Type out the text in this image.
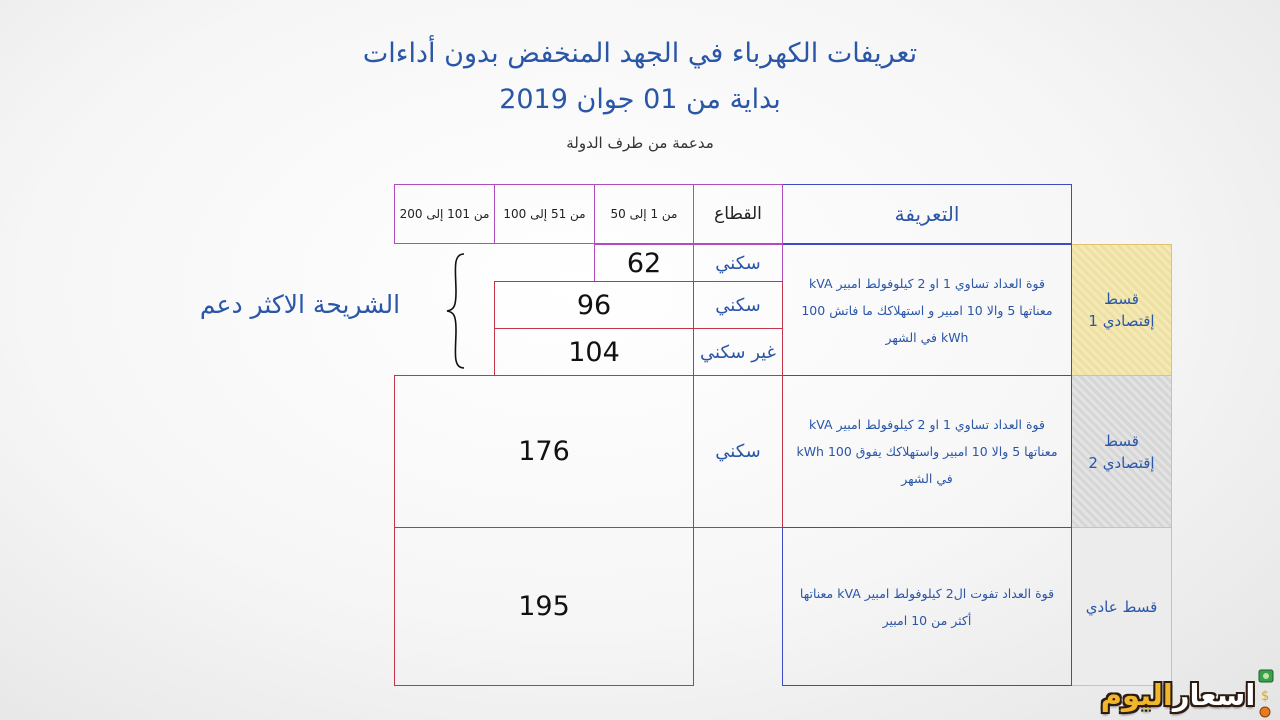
تعريفات الكهرباء في الجهد المنخفض بدون أداءات
بداية من 01 جوان 2019
مدعمة من طرف الدولة
التعريفة
القطاع
من 1 إلى 50
من 51 إلى 100
من 101 إلى 200
قسط إقتصادي 1
قوة العداد تساوي 1 او 2 كيلوفولط امبير kVA معناتها 5 والا 10 امبير و استهلاكك ما فاتش 100 kWh في الشهر
سكني
62
سكني
96
غير سكني
104
الشريحة الاكثر دعم
قسط إقتصادي 2
قوة العداد تساوي 1 او 2 كيلوفولط امبير kVA معناتها 5 والا 10 امبير واستهلاكك يفوق 100 kWh في الشهر
سكني
176
قسط عادي
قوة العداد تفوت ال2 كيلوفولط امبير kVA معناتها أكثر من 10 امبير
195
اسعار
اليوم	$
